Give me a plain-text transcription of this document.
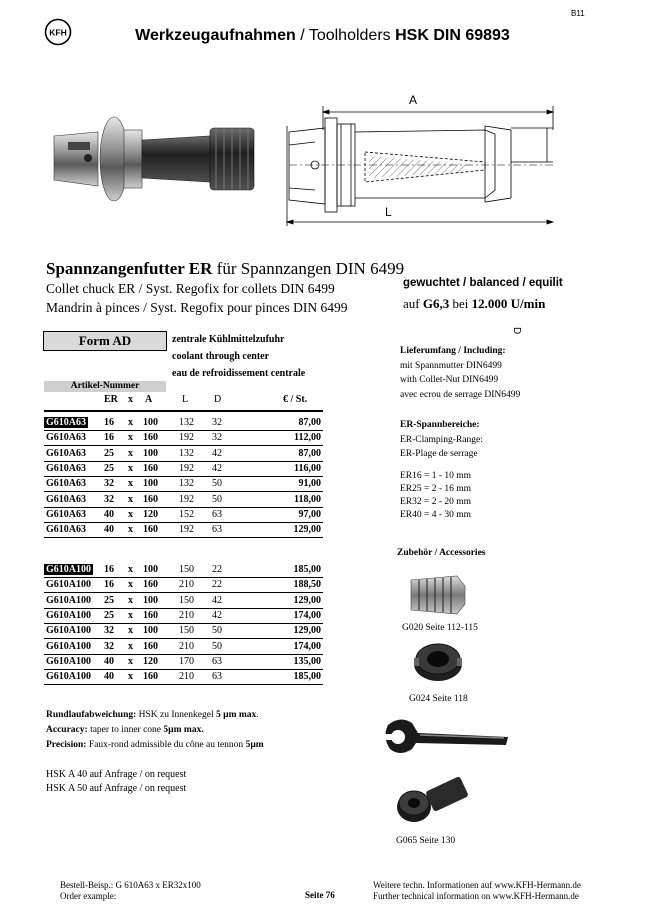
B11
KFH	Werkzeugaufnahmen / Toolholders HSK DIN 69893
A
L
D
Spannzangenfutter ER für Spannzangen DIN 6499
Collet chuck ER / Syst. Regofix for collets DIN 6499
Mandrin à pinces / Syst. Regofix pour pinces DIN 6499
gewuchtet / balanced / equilit
auf G6,3 bei 12.000 U/min
Form AD	zentrale Kühlmittelzufuhr
coolant through center
eau de refroidissement centrale
Artikel-Nummer
ER x A	L	D	€ / St.
G610A63	16 x 100 132 32	87,00
G610A63	16 x 160 192 32	112,00
G610A63	25 x 100 132 42	87,00
G610A63	25 x 160 192 42	116,00
G610A63	32 x 100 132 50	91,00
G610A63	32 x 160 192 50	118,00
G610A63	40 x 120 152 63	97,00
G610A63	40 x 160 192 63	129,00
G610A100	16 x 100 150 22	185,00
G610A100	16 x 160 210 22	188,50
G610A100	25 x 100 150 42	129,00
G610A100	25 x 160 210 42	174,00
G610A100	32 x 100 150 50	129,00
G610A100	32 x 160 210 50	174,00
G610A100	40 x 120 170 63	135,00
G610A100	40 x 160 210 63	185,00
Lieferumfang / Including:
mit Spannmutter DIN6499
with Collet-Nut DIN6499
avec ecrou de serrage DIN6499
ER-Spannbereiche:
ER-Clamping-Range:
ER-Plage de serrage
ER16 = 1 - 10 mm
ER25 = 2 - 16 mm
ER32 = 2 - 20 mm
ER40 = 4 - 30 mm
Zubehör / Accessories
G020 Seite 112-115
G024 Seite 118
G065 Seite 130
Rundlaufabweichung: HSK zu Innenkegel 5 µm max.
Accuracy: taper to inner cone 5µm max.
Precision: Faux-rond admissible du cône au tennon 5µm
HSK A 40 auf Anfrage / on request
HSK A 50 auf Anfrage / on request
Bestell-Beisp.: G 610A63 x ER32x100
Order example:	Seite 76
Weitere techn. Informationen auf www.KFH-Hermann.de
Further technical information on www.KFH-Hermann.de
